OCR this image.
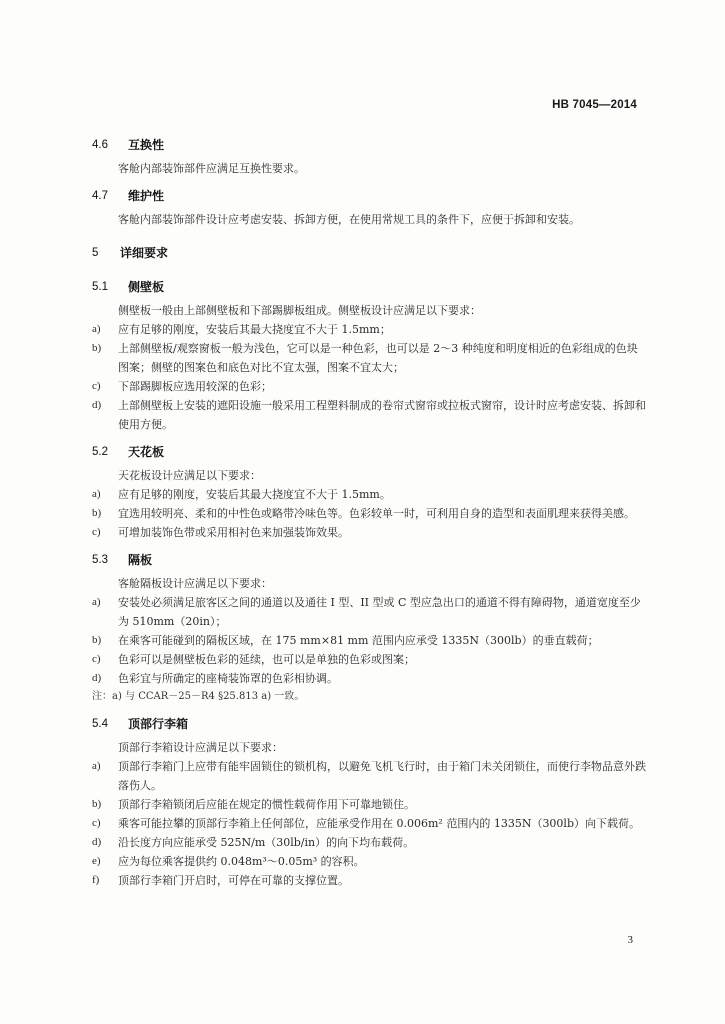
HB 7045—2014
4.6	互换性
客舱内部装饰部件应满足互换性要求。
4.7	维护性
客舱内部装饰部件设计应考虑安装、拆卸方便，在使用常规工具的条件下，应便于拆卸和安装。
5	详细要求
5.1	侧壁板
侧壁板一般由上部侧壁板和下部踢脚板组成。侧壁板设计应满足以下要求：
a)	应有足够的刚度，安装后其最大挠度宜不大于 1.5mm；
b)	上部侧壁板/观察窗板一般为浅色，它可以是一种色彩，也可以是 2～3 种纯度和明度相近的色彩组成的色块图案；侧壁的图案色和底色对比不宜太强，图案不宜太大；
c)	下部踢脚板应选用较深的色彩；
d)	上部侧壁板上安装的遮阳设施一般采用工程塑料制成的卷帘式窗帘或拉板式窗帘，设计时应考虑安装、拆卸和使用方便。
5.2	天花板
天花板设计应满足以下要求：
a)	应有足够的刚度，安装后其最大挠度宜不大于 1.5mm。
b)	宜选用较明亮、柔和的中性色或略带冷味色等。色彩较单一时，可利用自身的造型和表面肌理来获得美感。
c)	可增加装饰色带或采用相衬色来加强装饰效果。
5.3	隔板
客舱隔板设计应满足以下要求：
a)	安装处必须满足旅客区之间的通道以及通往 I 型、II 型或 C 型应急出口的通道不得有障碍物，通道宽度至少为 510mm（20in）；
b)	在乘客可能碰到的隔板区域，在 175 mm×81 mm 范围内应承受 1335N（300lb）的垂直载荷；
c)	色彩可以是侧壁板色彩的延续，也可以是单独的色彩或图案；
d)	色彩宜与所确定的座椅装饰罩的色彩相协调。
注：a) 与 CCAR－25－R4 §25.813 a) 一致。
5.4	顶部行李箱
顶部行李箱设计应满足以下要求：
a)	顶部行李箱门上应带有能牢固锁住的锁机构，以避免飞机飞行时，由于箱门未关闭锁住，而使行李物品意外跌落伤人。
b)	顶部行李箱锁闭后应能在规定的惯性载荷作用下可靠地锁住。
c)	乘客可能拉攀的顶部行李箱上任何部位，应能承受作用在 0.006m² 范围内的 1335N（300lb）向下载荷。
d)	沿长度方向应能承受 525N/m（30lb/in）的向下均布载荷。
e)	应为每位乘客提供约 0.048m³～0.05m³ 的容积。
f)	顶部行李箱门开启时，可停在可靠的支撑位置。
3
